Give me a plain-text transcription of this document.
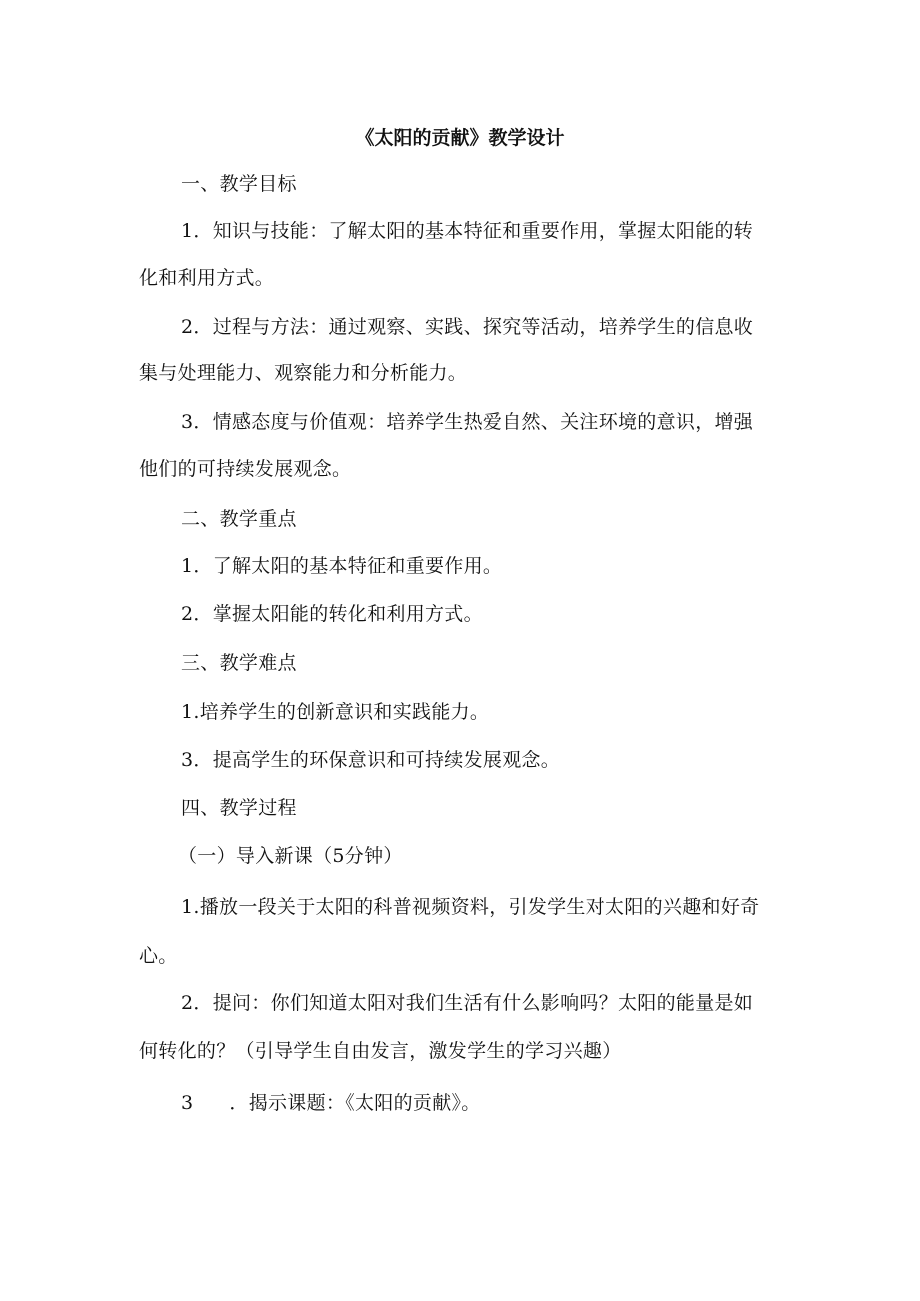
《太阳的贡献》教学设计
一、教学目标
1．知识与技能：了解太阳的基本特征和重要作用，掌握太阳能的转
化和利用方式。
2．过程与方法：通过观察、实践、探究等活动，培养学生的信息收
集与处理能力、观察能力和分析能力。
3．情感态度与价值观：培养学生热爱自然、关注环境的意识，增强
他们的可持续发展观念。
二、教学重点
1．了解太阳的基本特征和重要作用。
2．掌握太阳能的转化和利用方式。
三、教学难点
1.培养学生的创新意识和实践能力。
3．提高学生的环保意识和可持续发展观念。
四、教学过程
（一）导入新课（5分钟）
1.播放一段关于太阳的科普视频资料，引发学生对太阳的兴趣和好奇
心。
2．提问：你们知道太阳对我们生活有什么影响吗？太阳的能量是如
何转化的？（引导学生自由发言，激发学生的学习兴趣）
3 ．揭示课题：《太阳的贡献》。
